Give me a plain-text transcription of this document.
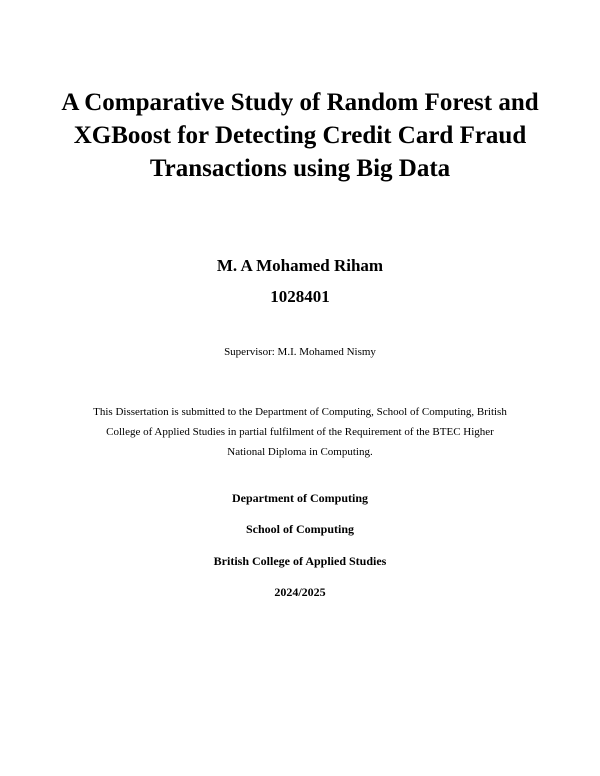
A Comparative Study of Random Forest and
XGBoost for Detecting Credit Card Fraud
Transactions using Big Data
M. A Mohamed Riham
1028401
Supervisor: M.I. Mohamed Nismy
This Dissertation is submitted to the Department of Computing, School of Computing, British
College of Applied Studies in partial fulfilment of the Requirement of the BTEC Higher
National Diploma in Computing.
Department of Computing
School of Computing
British College of Applied Studies
2024/2025
